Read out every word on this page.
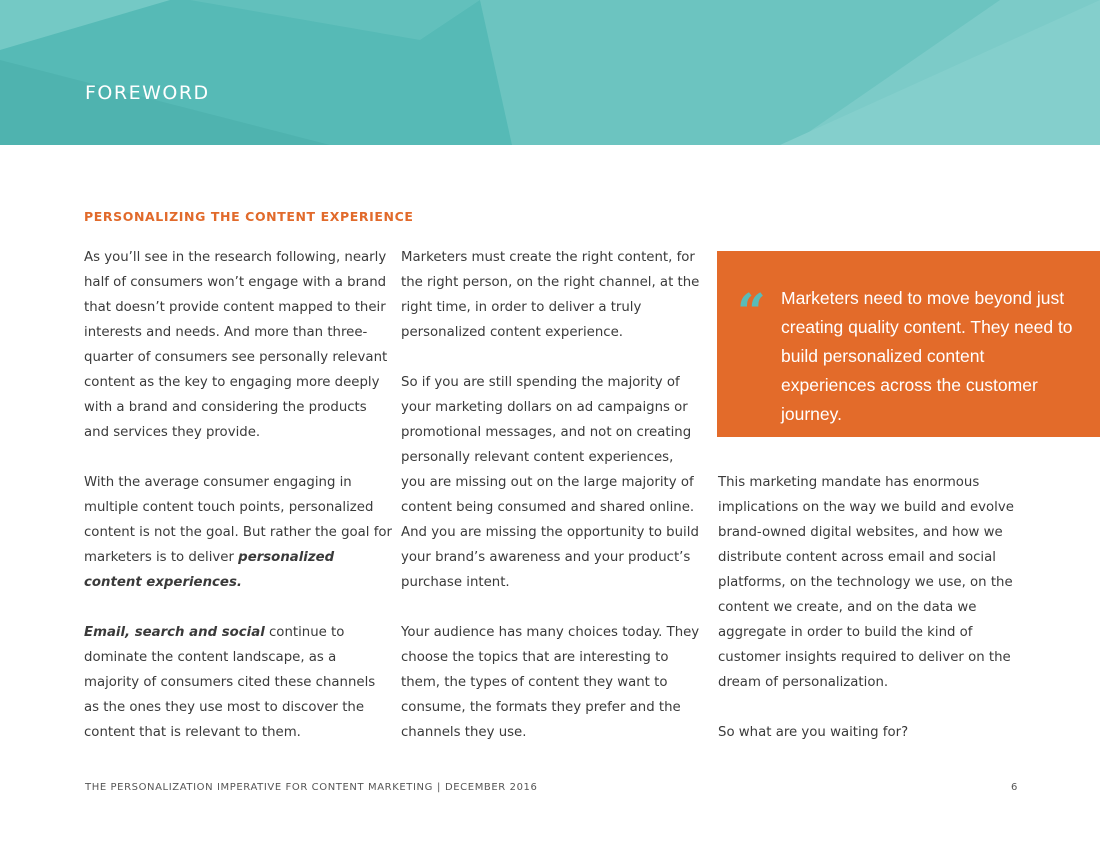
FOREWORD
PERSONALIZING THE CONTENT EXPERIENCE

As you’ll see in the research following, nearly half of consumers won’t engage with a brand that doesn’t provide content mapped to their interests and needs. And more than three-quarter of consumers see personally relevant content as the key to engaging more deeply with a brand and considering the products and services they provide.

With the average consumer engaging in multiple content touch points, personalized content is not the goal. But rather the goal for marketers is to deliver personalized content experiences.

Email, search and social continue to dominate the content landscape, as a majority of consumers cited these channels as the ones they use most to discover the content that is relevant to them.

Marketers must create the right content, for the right person, on the right channel, at the right time, in order to deliver a truly personalized content experience.

So if you are still spending the majority of your marketing dollars on ad campaigns or promotional messages, and not on creating personally relevant content experiences, you are missing out on the large majority of content being consumed and shared online. And you are missing the opportunity to build your brand’s awareness and your product’s purchase intent.

Your audience has many choices today. They choose the topics that are interesting to them, the types of content they want to consume, the formats they prefer and the channels they use.

“ Marketers need to move beyond just creating quality content. They need to build personalized content experiences across the customer journey.

This marketing mandate has enormous implications on the way we build and evolve brand-owned digital websites, and how we distribute content across email and social platforms, on the technology we use, on the content we create, and on the data we aggregate in order to build the kind of customer insights required to deliver on the dream of personalization.

So what are you waiting for?

THE PERSONALIZATION IMPERATIVE FOR CONTENT MARKETING | DECEMBER 2016	6
